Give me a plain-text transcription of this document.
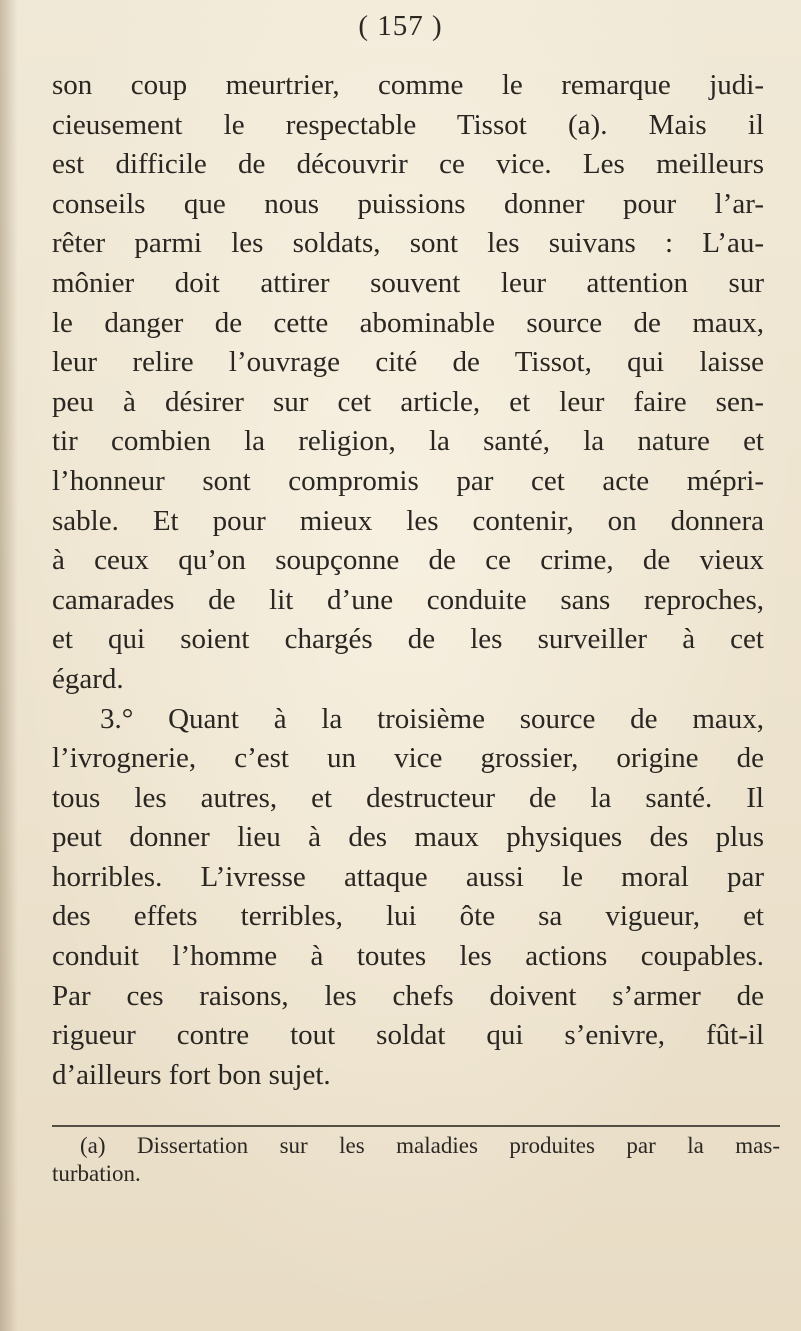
( 157 )
son coup meurtrier, comme le remarque judi-
cieusement le respectable Tissot (a). Mais il
est difficile de découvrir ce vice. Les meilleurs
conseils que nous puissions donner pour l’ar-
rêter parmi les soldats, sont les suivans : L’au-
mônier doit attirer souvent leur attention sur
le danger de cette abominable source de maux,
leur relire l’ouvrage cité de Tissot, qui laisse
peu à désirer sur cet article, et leur faire sen-
tir combien la religion, la santé, la nature et
l’honneur sont compromis par cet acte mépri-
sable. Et pour mieux les contenir, on donnera
à ceux qu’on soupçonne de ce crime, de vieux
camarades de lit d’une conduite sans reproches,
et qui soient chargés de les surveiller à cet
égard.
3.° Quant à la troisième source de maux,
l’ivrognerie, c’est un vice grossier, origine de
tous les autres, et destructeur de la santé. Il
peut donner lieu à des maux physiques des plus
horribles. L’ivresse attaque aussi le moral par
des effets terribles, lui ôte sa vigueur, et
conduit l’homme à toutes les actions coupables.
Par ces raisons, les chefs doivent s’armer de
rigueur contre tout soldat qui s’enivre, fût-il
d’ailleurs fort bon sujet.
(a) Dissertation sur les maladies produites par la mas-
turbation.
